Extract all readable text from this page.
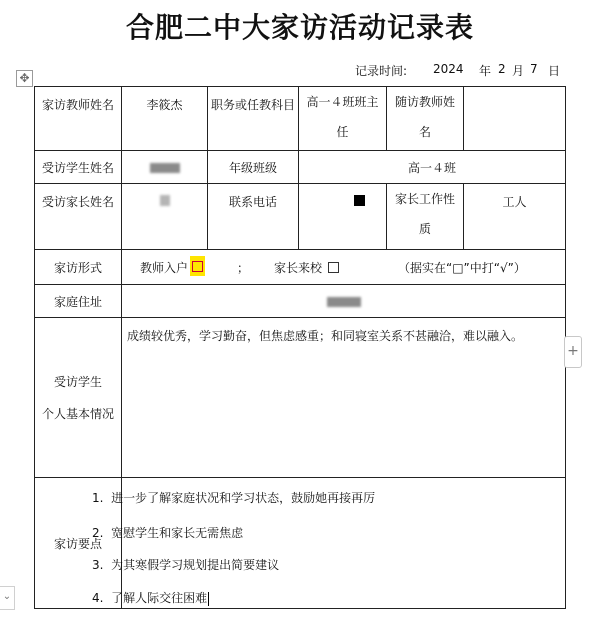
合肥二中大家访活动记录表
✥

	记录时间:

2024

年

2

月

7

日

家访教师姓名	李筱杰	职务或任教科目	高一４班班主任	随访教师姓名	
受访学生姓名		年级班级	高一４班		
受访家长姓名		联系电话		家长工作性质	工人
家访形式	教师入户 ； 家长来校 （据实在“□”中打“√”）				

家庭住址					
受访学生
个人基本情况	成绩较优秀，学习勤奋，但焦虑感重；和同寝室关系不甚融洽，难以融入。				
家访要点					
1. 进一步了解家庭状况和学习状态，鼓励她再接再厉
2. 宽慰学生和家长无需焦虑
3. 为其寒假学习规划提出简要建议
4. 了解人际交往困难
+
⌄
